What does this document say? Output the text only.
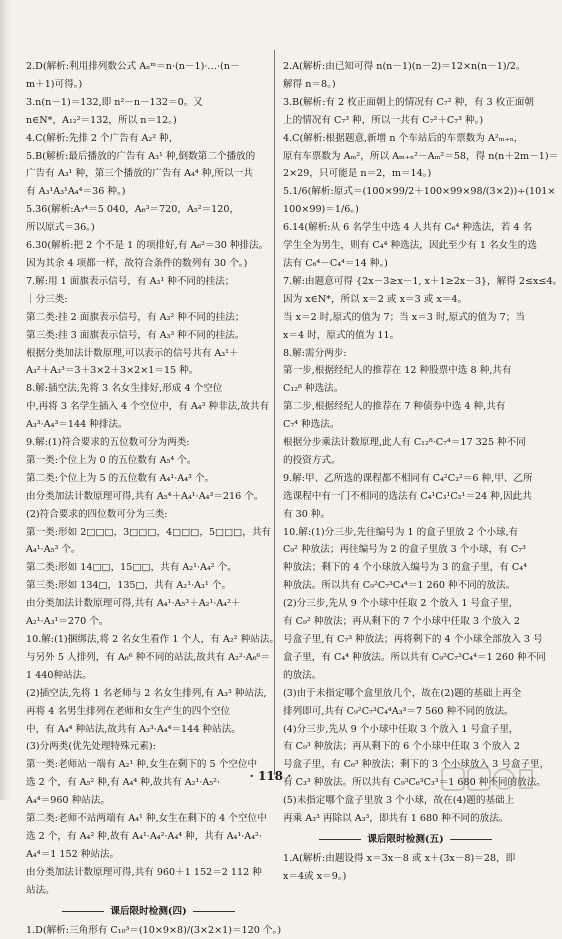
2.D(解析:利用排列数公式 Aₙᵐ＝n·(n－1)·…·(n－
m＋1)可得。)
3.n(n－1)＝132,即 n²－n－132＝0。又
n∈N*，A₁₂²＝132，所以 n＝12。)
4.C(解析:先排 2 个广告有 A₂² 种，
5.B(解析:最后播放的广告有 A₃¹ 种,倒数第二个播放的
广告有 A₃¹ 种，第三个播放的广告有 A₄⁴ 种,所以一共
有 A₃¹A₃¹A₄⁴＝36 种。)
5.36(解析:A₇⁴＝5 040，A₆³＝720，A₅²＝120，
所以原式＝36。)
6.30(解析:把 2 个不是 1 的项排好,有 A₆²＝30 种排法。
因为其余 4 项都一样，故符合条件的数列有 30 个。)
7.解:用 1 面旗表示信号，有 A₃¹ 种不同的挂法；
｜分三类:
第二类:挂 2 面旗表示信号，有 A₃² 种不同的挂法；
第三类:挂 3 面旗表示信号，有 A₃³ 种不同的挂法。
根据分类加法计数原理,可以表示的信号共有 A₃¹＋
A₃²＋A₃³＝3＋3×2＋3×2×1＝15 种。
8.解:插空法,先将 3 名女生排好,形成 4 个空位
中,再将 3 名学生插入 4 个空位中，有 A₄³ 种非法,故共有
A₃³·A₄³＝144 种排法。
9.解:(1)符合要求的五位数可分为两类:
第一类:个位上为 0 的五位数有 A₅⁴ 个。
第二类:个位上为 5 的五位数有 A₄¹·A₄³ 个。
由分类加法计数原理可得,共有 A₅⁴＋A₄¹·A₄³＝216 个。
(2)符合要求的四位数可分为三类:
第一类:形如 2□□□，3□□□，4□□□，5□□□，共有
A₄¹·A₅³ 个。
第二类:形如 14□□，15□□，共有 A₂¹·A₄² 个。
第三类:形如 134□，135□，共有 A₂¹·A₃¹ 个。
由分类加法计数原理可得,共有 A₄¹·A₅³＋A₂¹·A₄²＋
A₂¹·A₃¹＝270 个。
10.解:(1)捆绑法,将 2 名女生看作 1 个人，有 A₂² 种站法。
与另外 5 人排列，有 A₆⁶ 种不同的站法,故共有 A₂²·A₆⁶＝
1 440种站法。
(2)插空法,先将 1 名老师与 2 名女生排列,有 A₃³ 种站法,
再将 4 名男生排列在老师和女生产生的四个空位
中，有 A₄⁴ 种站法,故共有 A₃³·A₄⁴＝144 种站法。
(3)分两类(优先处理特殊元素):
第一类:老师站一端有 A₂¹ 种,女生在剩下的 5 个空位中
选 2 个，有 A₅² 种,有 A₄⁴ 种,故共有 A₂¹·A₅²·
A₄⁴＝960 种站法。
第二类:老师不站两端有 A₄¹ 种,女生在剩下的 4 个空位中
选 2 个，有 A₄² 种,故有 A₄¹·A₄²·A₄⁴ 种，共有 A₄¹·A₄²·
A₄⁴＝1 152 种站法。
由分类加法计数原理可得,共有 960＋1 152＝2 112 种
站法。
课后限时检测(四)
1.D(解析:三角形有 C₁₀³＝(10×9×8)/(3×2×1)＝120 个。)
2.A(解析:由已知可得 n(n－1)(n－2)＝12×n(n－1)/2。
解得 n＝8。)
3.B(解析:有 2 枚正面朝上的情况有 C₇² 种，有 3 枚正面朝
上的情况有 C₇³ 种，所以一共有 C₇²＋C₇³ 种。)
4.C(解析:根据题意,新增 n 个车站后的车票数为 A²ₘ₊ₙ，
原有车票数为 Aₘ²，所以 Aₘ₊ₙ²－Aₘ²＝58，得 n(n＋2m－1)＝
2×29，只可能是 n＝2，m＝14。)
5.1/6(解析:原式＝(100×99/2＋100×99×98/(3×2))÷(101×
100×99)＝1/6。)
6.14(解析:从 6 名学生中选 4 人共有 C₆⁴ 种选法，若 4 名
学生全为男生，则有 C₄⁴ 种选法，因此至少有 1 名女生的选
法有 C₆⁴－C₄⁴＝14 种。)
7.解:由题意可得 {2x－3≥x－1, x＋1≥2x－3}，解得 2≤x≤4。
因为 x∈N*，所以 x＝2 或 x＝3 或 x＝4。
当 x＝2 时,原式的值为 7；当 x＝3 时,原式的值为 7；当
x＝4 时，原式的值为 11。
8.解:需分两步:
第一步,根据经纪人的推荐在 12 种股票中选 8 种,共有
C₁₂⁸ 种选法。
第二步,根据经纪人的推荐在 7 种债券中选 4 种,共有
C₇⁴ 种选法。
根据分步乘法计数原理,此人有 C₁₂⁸·C₇⁴＝17 325 种不同
的投资方式。
9.解:甲、乙所选的课程都不相同有 C₄²C₂²＝6 种,甲、乙所
选课程中有一门不相同的选法有 C₄¹C₃¹C₂¹＝24 种,因此共
有 30 种。
10.解:(1)分三步,先往编号为 1 的盒子里放 2 个小球,有
C₉² 种放法；再往编号为 2 的盒子里放 3 个小球，有 C₇³
种放法；剩下的 4 个小球放入编号为 3 的盒子里，有 C₄⁴
种放法。所以共有 C₉²C₇³C₄⁴＝1 260 种不同的放法。
(2)分三步,先从 9 个小球中任取 2 个放入 1 号盒子里，
有 C₉² 种放法；再从剩下的 7 个小球中任取 3 个放入 2
号盒子里,有 C₇³ 种放法；再将剩下的 4 个小球全部放入 3 号
盒子里，有 C₄⁴ 种放法。所以共有 C₉²C₇³C₄⁴＝1 260 种不同
的放法。
(3)由于未指定哪个盒里放几个，故在(2)题的基础上再全
排列即可,共有 C₉²C₇³C₄⁴A₃³＝7 560 种不同的放法。
(4)分三步,先从 9 个小球中任取 3 个放入 1 号盒子里，
有 C₉³ 种放法；再从剩下的 6 个小球中任取 3 个放入 2
号盒子里，有 C₆³ 种放法；剩下的 3 个小球放入 3 号盒子里，
有 C₃³ 种放法。所以共有 C₉³C₆³C₃³＝1 680 种不同的放法。
(5)未指定哪个盒子里放 3 个小球，故在(4)题的基础上
再乘 A₃³ 再除以 A₃³，即共有 1 680 种不同的放法。
课后限时检测(五)
1.A(解析:由题设得 x＝3x－8 或 x＋(3x－8)＝28，即
x＝4或 x＝9。)
· 118 ·
